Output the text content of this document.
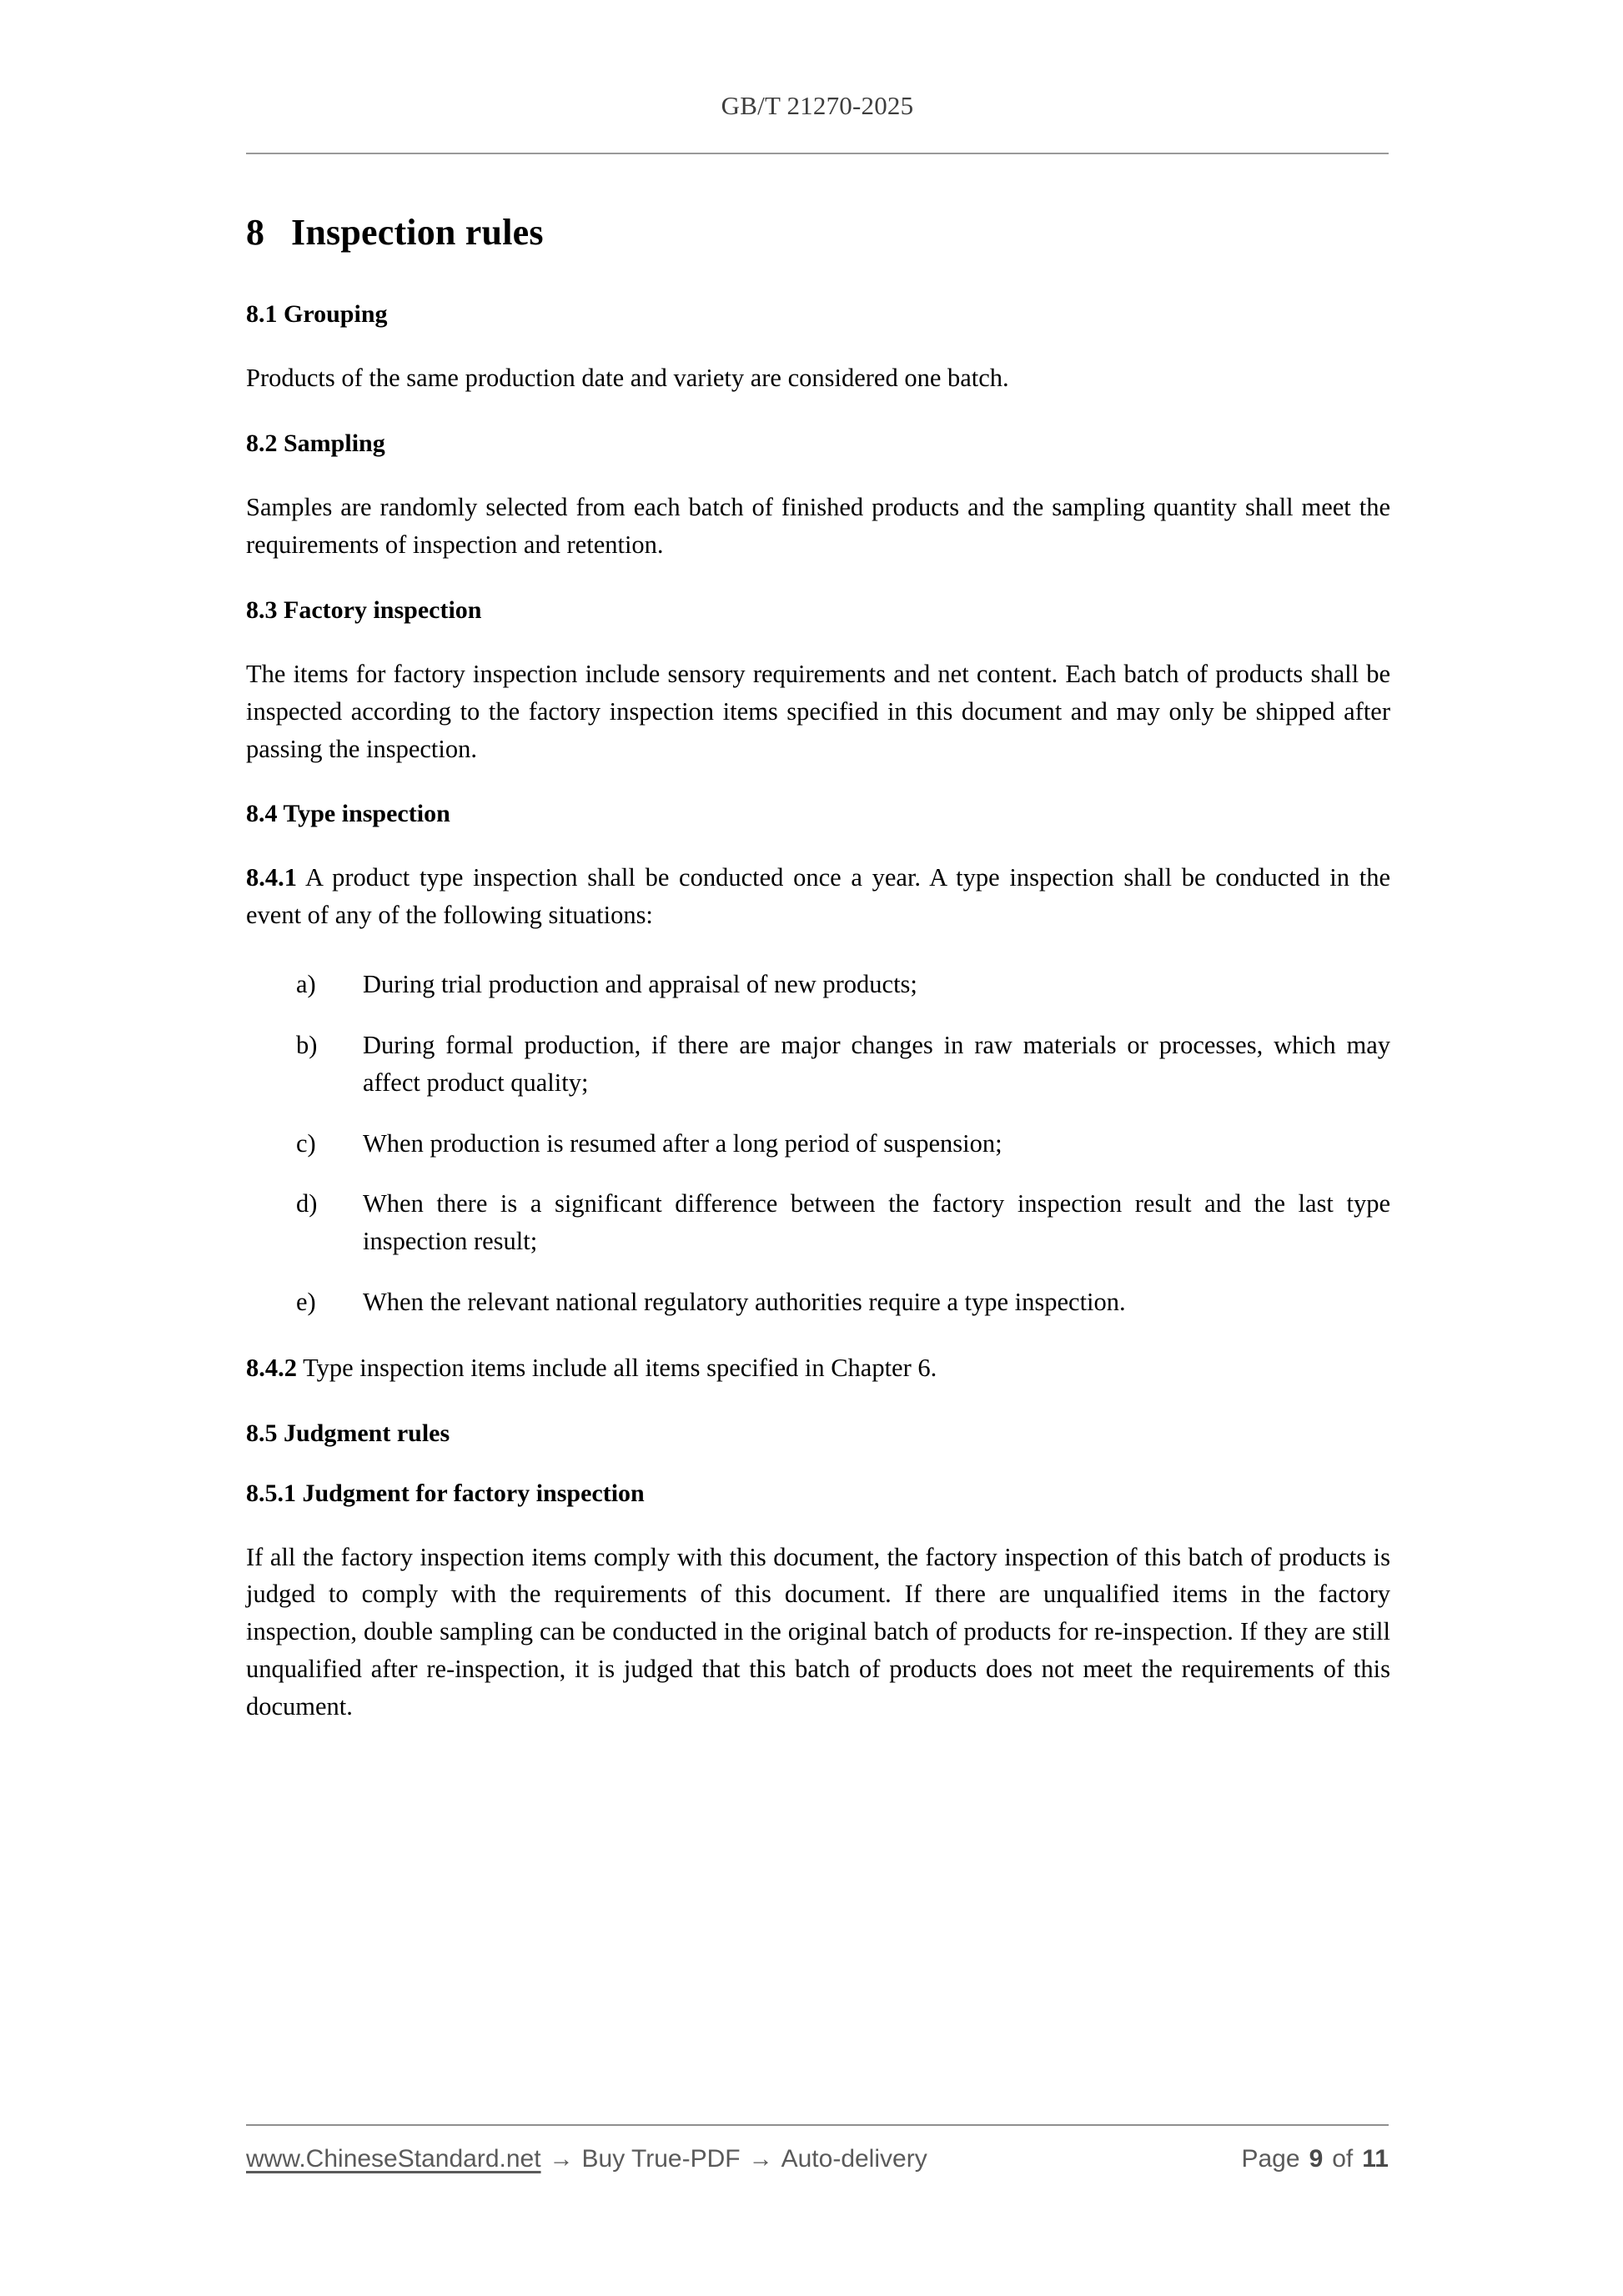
GB/T 21270-2025
8 Inspection rules
8.1 Grouping

Products of the same production date and variety are considered one batch.

8.2 Sampling

Samples are randomly selected from each batch of finished products and the sampling quantity shall meet the requirements of inspection and retention.

8.3 Factory inspection

The items for factory inspection include sensory requirements and net content. Each batch of products shall be inspected according to the factory inspection items specified in this document and may only be shipped after passing the inspection.

8.4 Type inspection

8.4.1 A product type inspection shall be conducted once a year. A type inspection shall be conducted in the event of any of the following situations:

a)	During trial production and appraisal of new products;
b)	During formal production, if there are major changes in raw materials or processes, which may affect product quality;
c)	When production is resumed after a long period of suspension;
d)	When there is a significant difference between the factory inspection result and the last type inspection result;
e)	When the relevant national regulatory authorities require a type inspection.

8.4.2 Type inspection items include all items specified in Chapter 6.

8.5 Judgment rules
8.5.1 Judgment for factory inspection

If all the factory inspection items comply with this document, the factory inspection of this batch of products is judged to comply with the requirements of this document. If there are unqualified items in the factory inspection, double sampling can be conducted in the original batch of products for re-inspection. If they are still unqualified after re-inspection, it is judged that this batch of products does not meet the requirements of this document.

www.ChineseStandard.net → Buy True-PDF → Auto-delivery	Page 9 of 11
